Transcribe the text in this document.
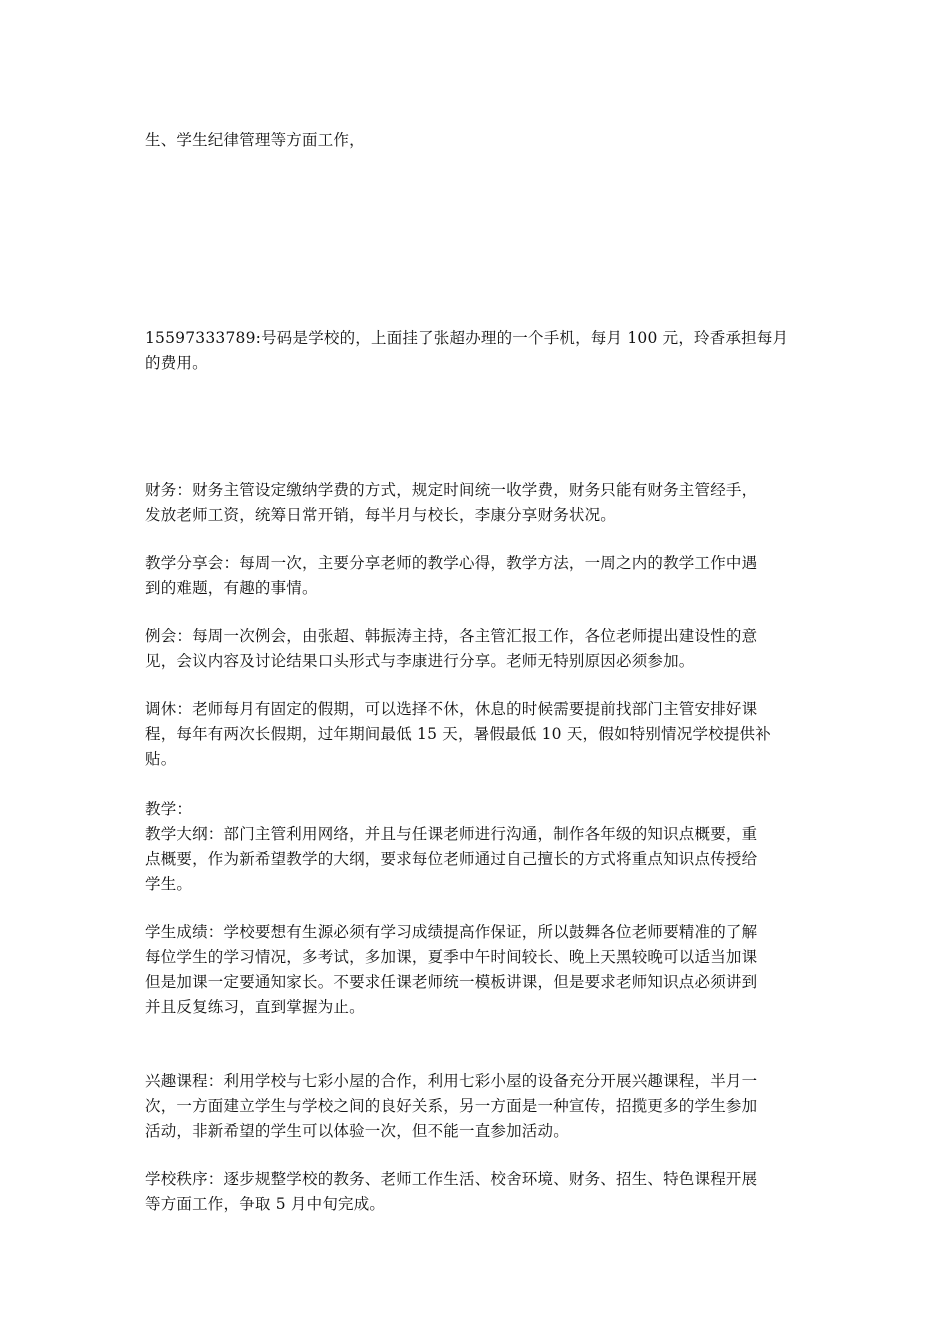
生、学生纪律管理等方面工作，

15597333789:号码是学校的，上面挂了张超办理的一个手机，每月 100 元，玲香承担每月
的费用。

财务：财务主管设定缴纳学费的方式，规定时间统一收学费，财务只能有财务主管经手，
发放老师工资，统筹日常开销，每半月与校长，李康分享财务状况。

教学分享会：每周一次，主要分享老师的教学心得，教学方法，一周之内的教学工作中遇
到的难题，有趣的事情。

例会：每周一次例会，由张超、韩振涛主持，各主管汇报工作，各位老师提出建设性的意
见，会议内容及讨论结果口头形式与李康进行分享。老师无特别原因必须参加。

调休：老师每月有固定的假期，可以选择不休，休息的时候需要提前找部门主管安排好课
程，每年有两次长假期，过年期间最低 15 天，暑假最低 10 天，假如特别情况学校提供补
贴。

教学：
教学大纲：部门主管利用网络，并且与任课老师进行沟通，制作各年级的知识点概要，重
点概要，作为新希望教学的大纲，要求每位老师通过自己擅长的方式将重点知识点传授给
学生。

学生成绩：学校要想有生源必须有学习成绩提高作保证，所以鼓舞各位老师要精准的了解
每位学生的学习情况，多考试，多加课，夏季中午时间较长、晚上天黑较晚可以适当加课
但是加课一定要通知家长。不要求任课老师统一模板讲课，但是要求老师知识点必须讲到
并且反复练习，直到掌握为止。

兴趣课程：利用学校与七彩小屋的合作，利用七彩小屋的设备充分开展兴趣课程，半月一
次，一方面建立学生与学校之间的良好关系，另一方面是一种宣传，招揽更多的学生参加
活动，非新希望的学生可以体验一次，但不能一直参加活动。

学校秩序：逐步规整学校的教务、老师工作生活、校舍环境、财务、招生、特色课程开展
等方面工作，争取 5 月中旬完成。
